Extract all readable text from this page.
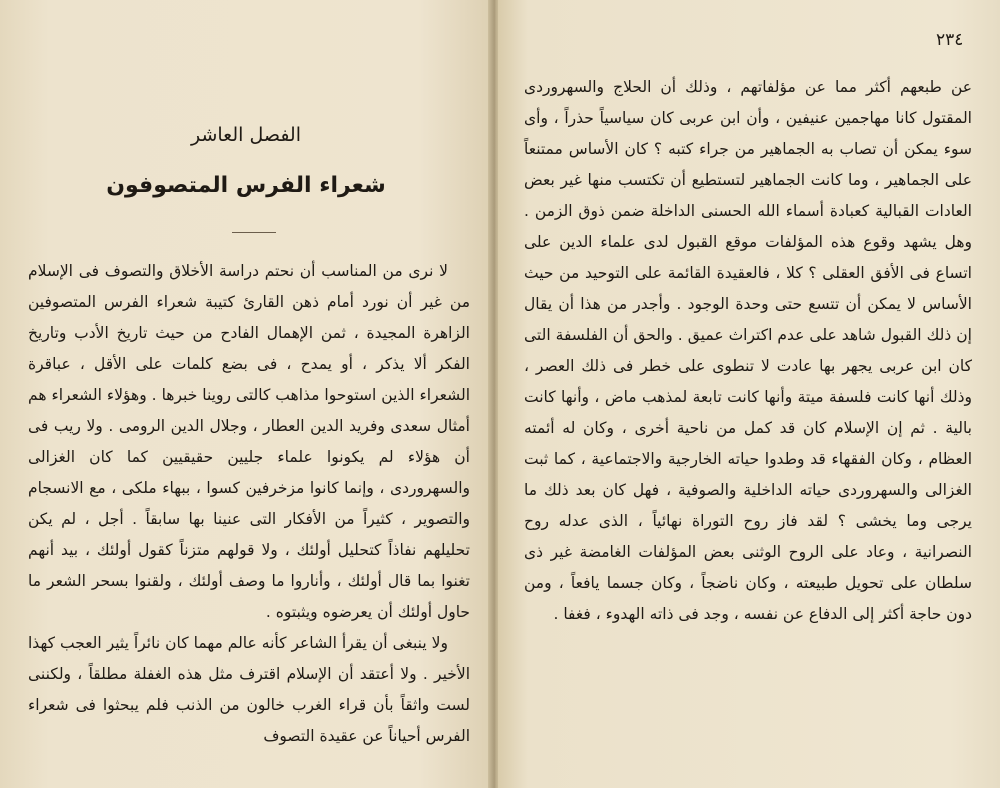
الفصل العاشر
شعراء الفرس المتصوفون

لا نرى من المناسب أن نحتم دراسة الأخلاق والتصوف فى الإسلام من غير أن نورد أمام ذهن القارئ كتيبة شعراء الفرس المتصوفين الزاهرة المجيدة ، ثمن الإهمال الفادح من حيث تاريخ الأدب وتاريخ الفكر ألا يذكر ، أو يمدح ، فى بضع كلمات على الأقل ، عباقرة الشعراء الذين استوحوا مذاهب كالتى روينا خبرها . وهؤلاء الشعراء هم أمثال سعدى وفريد الدين العطار ، وجلال الدين الرومى . ولا ريب فى أن هؤلاء لم يكونوا علماء جليين حقيقيين كما كان الغزالى والسهروردى ، وإنما كانوا مزخرفين كسوا ، ببهاء ملكى ، مع الانسجام والتصوير ، كثيراً من الأفكار التى عنينا بها سابقاً . أجل ، لم يكن تحليلهم نفاذاً كتحليل أولئك ، ولا قولهم متزناً كقول أولئك ، بيد أنهم تغنوا بما قال أولئك ، وأناروا ما وصف أولئك ، ولقنوا بسحر الشعر ما حاول أولئك أن يعرضوه ويثبتوه .

ولا ينبغى أن يقرأ الشاعر كأنه عالم مهما كان نائراً يثير العجب كهذا الأخير . ولا أعتقد أن الإسلام اقترف مثل هذه الغفلة مطلقاً ، ولكننى لست واثقاً بأن قراء الغرب خالون من الذنب فلم يبحثوا فى شعراء الفرس أحياناً عن عقيدة التصوف

٢٣٤

عن طبعهم أكثر مما عن مؤلفاتهم ، وذلك أن الحلاج والسهروردى المقتول كانا مهاجمين عنيفين ، وأن ابن عربى كان سياسياً حذراً ، وأى سوء يمكن أن تصاب به الجماهير من جراء كتبه ؟ كان الأساس ممتنعاً على الجماهير ، وما كانت الجماهير لتستطيع أن تكتسب منها غير بعض العادات القبالية كعبادة أسماء الله الحسنى الداخلة ضمن ذوق الزمن . وهل يشهد وقوع هذه المؤلفات موقع القبول لدى علماء الدين على اتساع فى الأفق العقلى ؟ كلا ، فالعقيدة القائمة على التوحيد من حيث الأساس لا يمكن أن تتسع حتى وحدة الوجود . وأجدر من هذا أن يقال إن ذلك القبول شاهد على عدم اكتراث عميق . والحق أن الفلسفة التى كان ابن عربى يجهر بها عادت لا تنطوى على خطر فى ذلك العصر ، وذلك أنها كانت فلسفة ميتة وأنها كانت تابعة لمذهب ماض ، وأنها كانت بالية . ثم إن الإسلام كان قد كمل من ناحية أخرى ، وكان له أئمته العظام ، وكان الفقهاء قد وطدوا حياته الخارجية والاجتماعية ، كما ثبت الغزالى والسهروردى حياته الداخلية والصوفية ، فهل كان بعد ذلك ما يرجى وما يخشى ؟ لقد فاز روح التوراة نهائياً ، الذى عدله روح النصرانية ، وعاد على الروح الوثنى بعض المؤلفات الغامضة غير ذى سلطان على تحويل طبيعته ، وكان ناضجاً ، وكان جسما يافعاً ، ومن دون حاجة أكثر إلى الدفاع عن نفسه ، وجد فى ذاته الهدوء ، فغفا .
